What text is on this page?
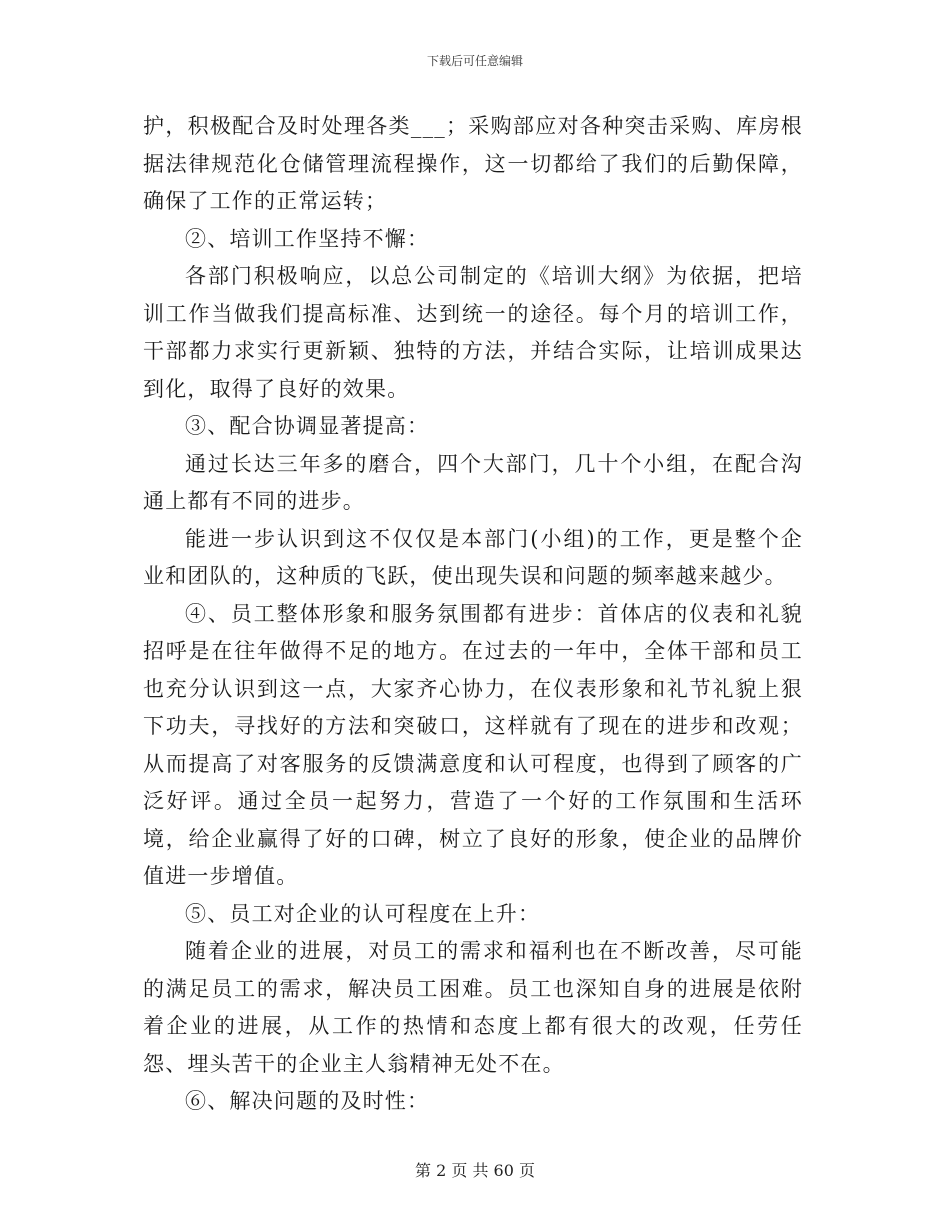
下载后可任意编辑

护，积极配合及时处理各类___；采购部应对各种突击采购、库房根据法律规范化仓储管理流程操作，这一切都给了我们的后勤保障，确保了工作的正常运转；

②、培训工作坚持不懈：

各部门积极响应，以总公司制定的《培训大纲》为依据，把培训工作当做我们提高标准、达到统一的途径。每个月的培训工作，干部都力求实行更新颖、独特的方法，并结合实际，让培训成果达到化，取得了良好的效果。

③、配合协调显著提高：

通过长达三年多的磨合，四个大部门，几十个小组，在配合沟通上都有不同的进步。

能进一步认识到这不仅仅是本部门(小组)的工作，更是整个企业和团队的，这种质的飞跃，使出现失误和问题的频率越来越少。

④、员工整体形象和服务氛围都有进步：首体店的仪表和礼貌招呼是在往年做得不足的地方。在过去的一年中，全体干部和员工也充分认识到这一点，大家齐心协力，在仪表形象和礼节礼貌上狠下功夫，寻找好的方法和突破口，这样就有了现在的进步和改观；从而提高了对客服务的反馈满意度和认可程度，也得到了顾客的广泛好评。通过全员一起努力，营造了一个好的工作氛围和生活环境，给企业赢得了好的口碑，树立了良好的形象，使企业的品牌价值进一步增值。

⑤、员工对企业的认可程度在上升：

随着企业的进展，对员工的需求和福利也在不断改善，尽可能的满足员工的需求，解决员工困难。员工也深知自身的进展是依附着企业的进展，从工作的热情和态度上都有很大的改观，任劳任怨、埋头苦干的企业主人翁精神无处不在。

⑥、解决问题的及时性：

第 2 页 共 60 页
